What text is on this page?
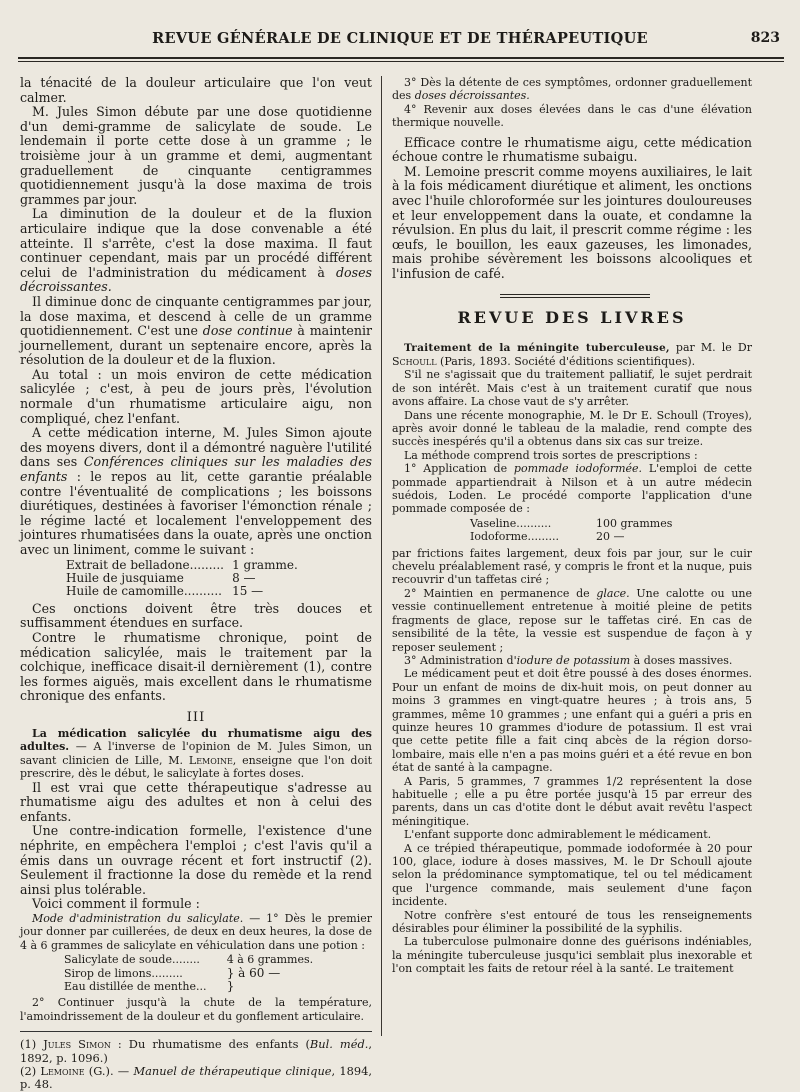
REVUE GÉNÉRALE DE CLINIQUE ET DE THÉRAPEUTIQUE	823

la ténacité de la douleur articulaire que l'on veut calmer.

M. Jules Simon débute par une dose quotidienne d'un demi-gramme de salicylate de soude. Le lendemain il porte cette dose à un gramme ; le troisième jour à un gramme et demi, augmentant graduellement de cinquante centigrammes quotidiennement jusqu'à la dose maxima de trois grammes par jour.

La diminution de la douleur et de la fluxion articulaire indique que la dose convenable a été atteinte. Il s'arrête, c'est la dose maxima. Il faut continuer cependant, mais par un procédé différent celui de l'administration du médicament à doses décroissantes.

Il diminue donc de cinquante centigrammes par jour, la dose maxima, et descend à celle de un gramme quotidiennement. C'est une dose continue à maintenir journellement, durant un septenaire encore, après la résolution de la douleur et de la fluxion.

Au total : un mois environ de cette médication salicylée ; c'est, à peu de jours près, l'évolution normale d'un rhumatisme articulaire aigu, non compliqué, chez l'enfant.

A cette médication interne, M. Jules Simon ajoute des moyens divers, dont il a démontré naguère l'utilité dans ses Conférences cliniques sur les maladies des enfants : le repos au lit, cette garantie préalable contre l'éventualité de complications ; les boissons diurétiques, destinées à favoriser l'émonction rénale ; le régime lacté et localement l'enveloppement des jointures rhumatisées dans la ouate, après une onction avec un liniment, comme le suivant :

Extrait de belladone......... 1 gramme.
Huile de jusquiame	8 —
Huile de camomille.......... 15 —

Ces onctions doivent être très douces et suffisamment étendues en surface.

Contre le rhumatisme chronique, point de médication salicylée, mais le traitement par la colchique, inefficace disait-il dernièrement (1), contre les formes aiguës, mais excellent dans le rhumatisme chronique des enfants.

III

La médication salicylée du rhumatisme aigu des adultes. — A l'inverse de l'opinion de M. Jules Simon, un savant clinicien de Lille, M. Lemoine, enseigne que l'on doit prescrire, dès le début, le salicylate à fortes doses.

Il est vrai que cette thérapeutique s'adresse au rhumatisme aigu des adultes et non à celui des enfants.

Une contre-indication formelle, l'existence d'une néphrite, en empêchera l'emploi ; c'est l'avis qu'il a émis dans un ouvrage récent et fort instructif (2). Seulement il fractionne la dose du remède et la rend ainsi plus tolérable.

Voici comment il formule :

Mode d'administration du salicylate. — 1° Dès le premier jour donner par cuillerées, de deux en deux heures, la dose de 4 à 6 grammes de salicylate en véhiculation dans une potion :

Salicylate de soude........	4 à 6 grammes.
Sirop de limons.........	} à 60 —
Eau distillée de menthe...	}

2° Continuer jusqu'à la chute de la température, l'amoindrissement de la douleur et du gonflement articulaire.

(1) Jules Simon : Du rhumatisme des enfants (Bul. méd., 1892, p. 1096.)

(2) Lemoine (G.). — Manuel de thérapeutique clinique, 1894, p. 48.

3° Dès la détente de ces symptômes, ordonner graduellement des doses décroissantes.

4° Revenir aux doses élevées dans le cas d'une élévation thermique nouvelle.

Efficace contre le rhumatisme aigu, cette médication échoue contre le rhumatisme subaigu.

M. Lemoine prescrit comme moyens auxiliaires, le lait à la fois médicament diurétique et aliment, les onctions avec l'huile chloroformée sur les jointures douloureuses et leur enveloppement dans la ouate, et condamne la révulsion. En plus du lait, il prescrit comme régime : les œufs, le bouillon, les eaux gazeuses, les limonades, mais prohibe sévèrement les boissons alcooliques et l'infusion de café.

REVUE DES LIVRES

Traitement de la méningite tuberculeuse, par M. le Dr Schoull (Paris, 1893. Société d'éditions scientifiques).

S'il ne s'agissait que du traitement palliatif, le sujet perdrait de son intérêt. Mais c'est à un traitement curatif que nous avons affaire. La chose vaut de s'y arrêter.

Dans une récente monographie, M. le Dr E. Schoull (Troyes), après avoir donné le tableau de la maladie, rend compte des succès inespérés qu'il a obtenus dans six cas sur treize.

La méthode comprend trois sortes de prescriptions :

1° Application de pommade iodoformée. L'emploi de cette pommade appartiendrait à Nilson et à un autre médecin suédois, Loden. Le procédé comporte l'application d'une pommade composée de :

Vaseline..........	100 grammes
Iodoforme.........	20 —

par frictions faites largement, deux fois par jour, sur le cuir chevelu préalablement rasé, y compris le front et la nuque, puis recouvrir d'un taffetas ciré ;

2° Maintien en permanence de glace. Une calotte ou une vessie continuellement entretenue à moitié pleine de petits fragments de glace, repose sur le taffetas ciré. En cas de sensibilité de la tête, la vessie est suspendue de façon à y reposer seulement ;

3° Administration d'iodure de potassium à doses massives.

Le médicament peut et doit être poussé à des doses énormes. Pour un enfant de moins de dix-huit mois, on peut donner au moins 3 grammes en vingt-quatre heures ; à trois ans, 5 grammes, même 10 grammes ; une enfant qui a guéri a pris en quinze heures 10 grammes d'iodure de potassium. Il est vrai que cette petite fille a fait cinq abcès de la région dorso-lombaire, mais elle n'en a pas moins guéri et a été revue en bon état de santé à la campagne.

A Paris, 5 grammes, 7 grammes 1/2 représentent la dose habituelle ; elle a pu être portée jusqu'à 15 par erreur des parents, dans un cas d'otite dont le début avait revêtu l'aspect méningitique.

L'enfant supporte donc admirablement le médicament.

A ce trépied thérapeutique, pommade iodoformée à 20 pour 100, glace, iodure à doses massives, M. le Dr Schoull ajoute selon la prédominance symptomatique, tel ou tel médicament que l'urgence commande, mais seulement d'une façon incidente.

Notre confrère s'est entouré de tous les renseignements désirables pour éliminer la possibilité de la syphilis.

La tuberculose pulmonaire donne des guérisons indéniables, la méningite tuberculeuse jusqu'ici semblait plus inexorable et l'on comptait les faits de retour réel à la santé. Le traitement
